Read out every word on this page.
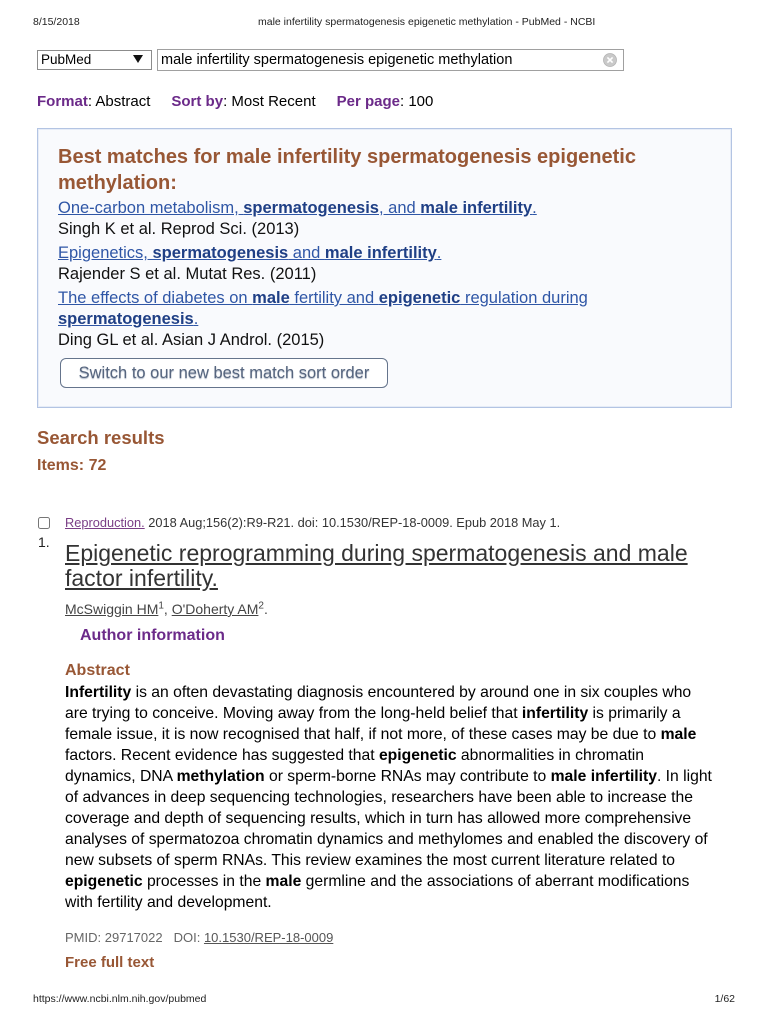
8/15/2018	male infertility spermatogenesis epigenetic methylation - PubMed - NCBI
PubMed
male infertility spermatogenesis epigenetic methylation
Format: Abstract Sort by: Most Recent Per page: 100
Best matches for male infertility spermatogenesis epigenetic methylation:
One-carbon metabolism, spermatogenesis, and male infertility.
Singh K et al. Reprod Sci. (2013)
Epigenetics, spermatogenesis and male infertility.
Rajender S et al. Mutat Res. (2011)
The effects of diabetes on male fertility and epigenetic regulation during spermatogenesis.
Ding GL et al. Asian J Androl. (2015)
Switch to our new best match sort order
Search results
Items: 72
Reproduction. 2018 Aug;156(2):R9-R21. doi: 10.1530/REP-18-0009. Epub 2018 May 1.
1. Epigenetic reprogramming during spermatogenesis and male factor infertility.
McSwiggin $HM^1$, O'Doherty $AM^2$.
Author information
Abstract
Infertility is an often devastating diagnosis encountered by around one in six couples who
are trying to conceive. Moving away from the long-held belief that infertility is primarily a
female issue, it is now recognised that half, if not more, of these cases may be due to male
factors. Recent evidence has suggested that epigenetic abnormalities in chromatin
dynamics, DNA methylation or sperm-borne RNAs may contribute to male infertility. In light
of advances in deep sequencing technologies, researchers have been able to increase the
coverage and depth of sequencing results, which in turn has allowed more comprehensive
analyses of spermatozoa chromatin dynamics and methylomes and enabled the discovery of
new subsets of sperm RNAs. This review examines the most current literature related to
epigenetic processes in the male germline and the associations of aberrant modifications
with fertility and development.
PMID: 29717022 DOI: 10.1530/REP-18-0009
Free full text
https://www.ncbi.nlm.nih.gov/pubmed	1/62
